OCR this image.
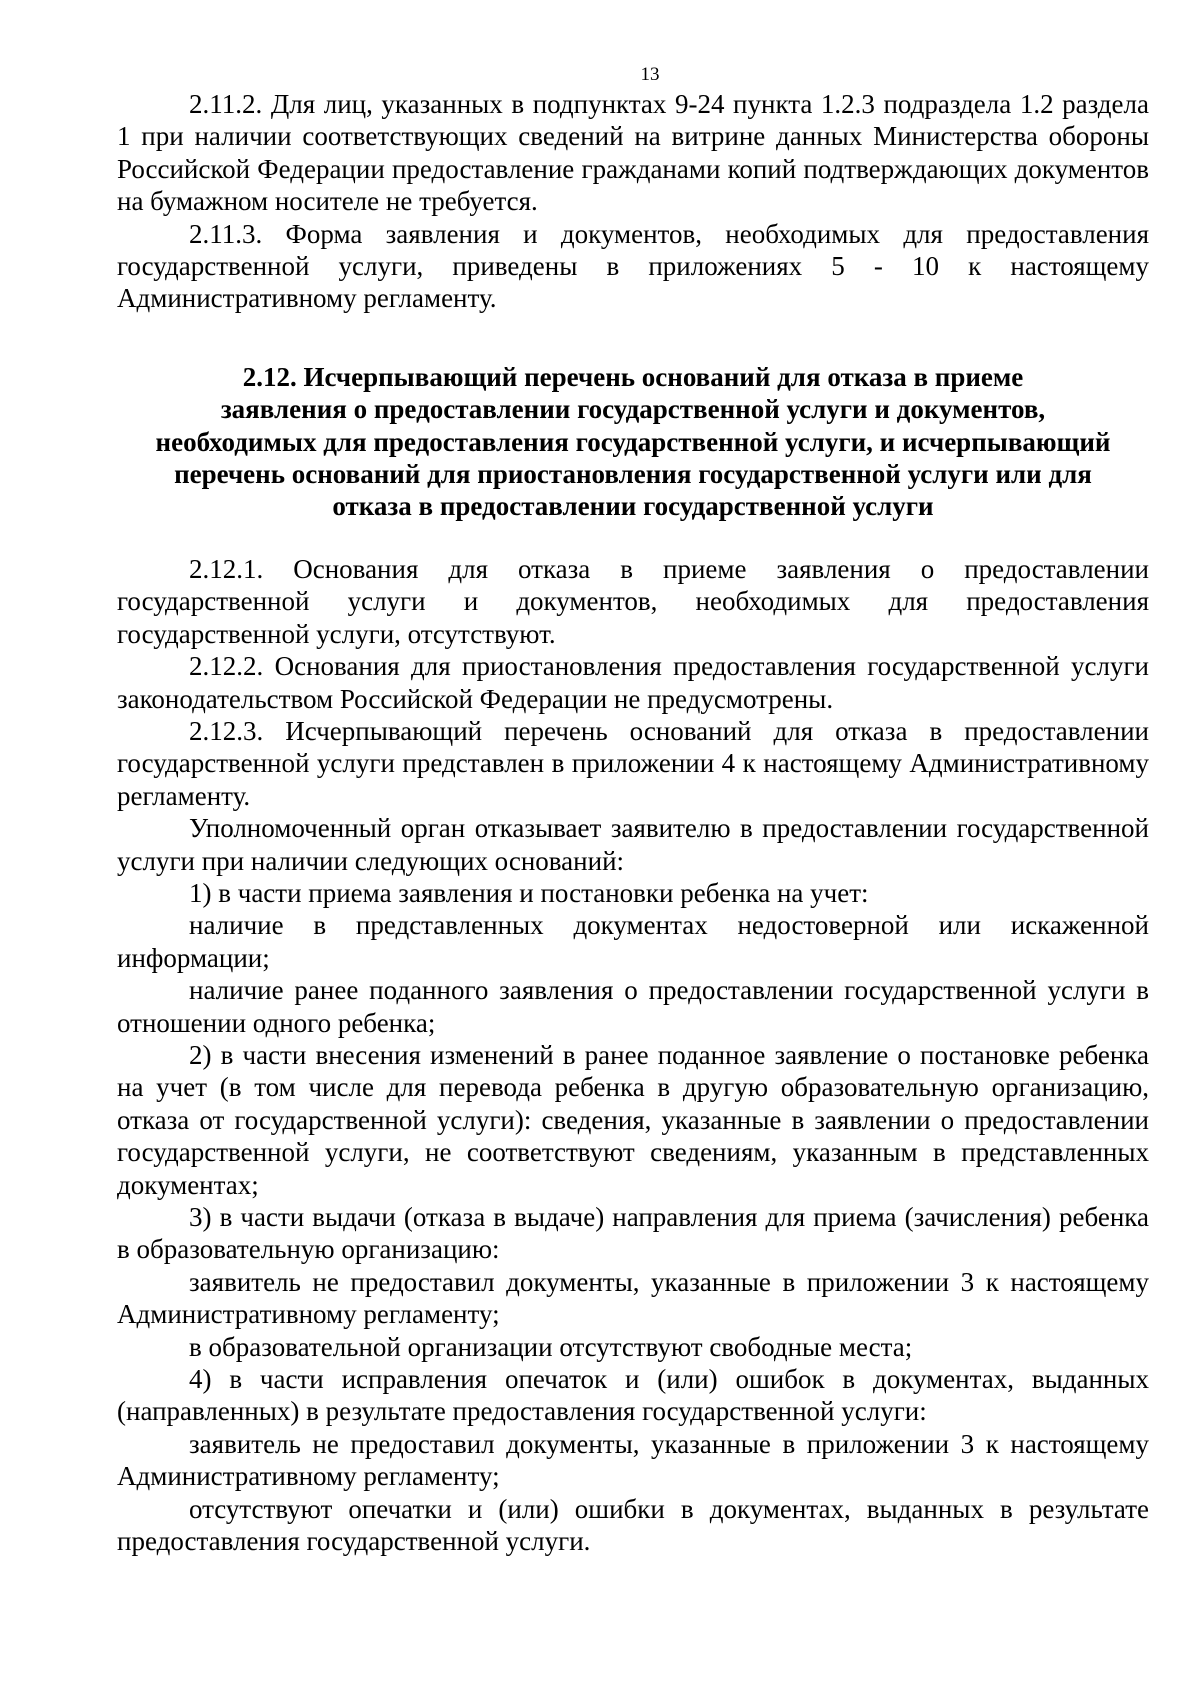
13

2.11.2. Для лиц, указанных в подпунктах 9-24 пункта 1.2.3 подраздела 1.2 раздела 1 при наличии соответствующих сведений на витрине данных Министерства обороны Российской Федерации предоставление гражданами копий подтверждающих документов на бумажном носителе не требуется.

2.11.3. Форма заявления и документов, необходимых для предоставления государственной услуги, приведены в приложениях 5 - 10 к настоящему Административному регламенту.

2.12. Исчерпывающий перечень оснований для отказа в приеме

заявления о предоставлении государственной услуги и документов,

необходимых для предоставления государственной услуги, и исчерпывающий

перечень оснований для приостановления государственной услуги или для

отказа в предоставлении государственной услуги

2.12.1. Основания для отказа в приеме заявления о предоставлении государственной услуги и документов, необходимых для предоставления государственной услуги, отсутствуют.

2.12.2. Основания для приостановления предоставления государственной услуги законодательством Российской Федерации не предусмотрены.

2.12.3. Исчерпывающий перечень оснований для отказа в предоставлении государственной услуги представлен в приложении 4 к настоящему Административному регламенту.

Уполномоченный орган отказывает заявителю в предоставлении государственной услуги при наличии следующих оснований:

1) в части приема заявления и постановки ребенка на учет:

наличие в представленных документах недостоверной или искаженной информации;

наличие ранее поданного заявления о предоставлении государственной услуги в отношении одного ребенка;

2) в части внесения изменений в ранее поданное заявление о постановке ребенка на учет (в том числе для перевода ребенка в другую образовательную организацию, отказа от государственной услуги): сведения, указанные в заявлении о предоставлении государственной услуги, не соответствуют сведениям, указанным в представленных документах;

3) в части выдачи (отказа в выдаче) направления для приема (зачисления) ребенка в образовательную организацию:

заявитель не предоставил документы, указанные в приложении 3 к настоящему Административному регламенту;

в образовательной организации отсутствуют свободные места;

4) в части исправления опечаток и (или) ошибок в документах, выданных (направленных) в результате предоставления государственной услуги:

заявитель не предоставил документы, указанные в приложении 3 к настоящему Административному регламенту;

отсутствуют опечатки и (или) ошибки в документах, выданных в результате предоставления государственной услуги.
